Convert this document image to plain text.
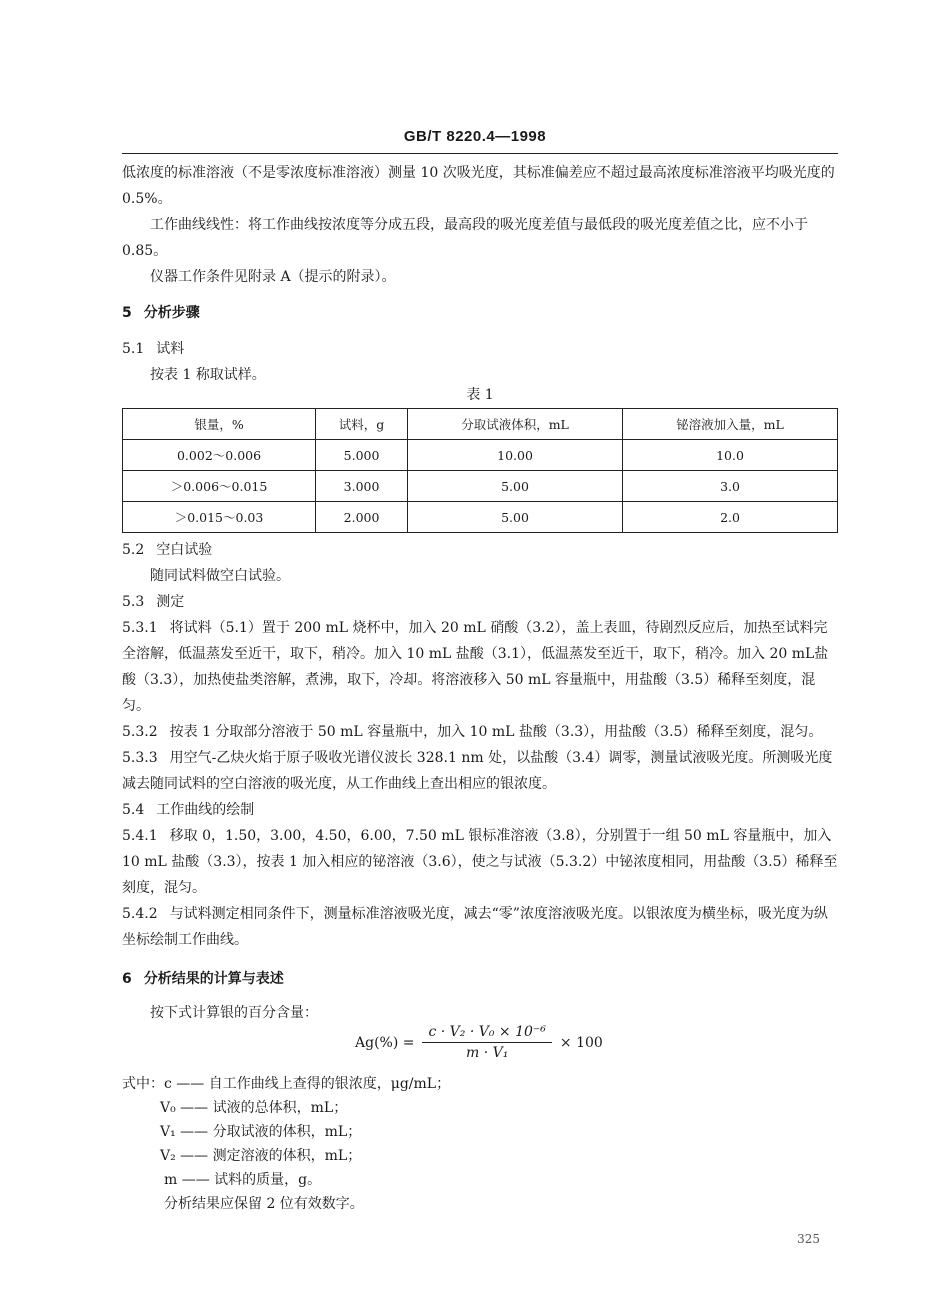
GB/T 8220.4—1998

低浓度的标准溶液（不是零浓度标准溶液）测量 10 次吸光度，其标准偏差应不超过最高浓度标准溶液平均吸光度的 0.5%。

工作曲线线性：将工作曲线按浓度等分成五段，最高段的吸光度差值与最低段的吸光度差值之比，应不小于 0.85。

仪器工作条件见附录 A（提示的附录）。

5 分析步骤
5.1 试料
按表 1 称取试样。
表 1
银量，%	试料，g	分取试液体积，mL	铋溶液加入量，mL
0.002～0.006	5.000	10.00	10.0
＞0.006～0.015	3.000	5.00	3.0
＞0.015～0.03	2.000	5.00	2.0
5.2 空白试验
随同试料做空白试验。
5.3 测定

5.3.1 将试料（5.1）置于 200 mL 烧杯中，加入 20 mL 硝酸（3.2），盖上表皿，待剧烈反应后，加热至试料完全溶解，低温蒸发至近干，取下，稍冷。加入 10 mL 盐酸（3.1），低温蒸发至近干，取下，稍冷。加入 20 mL盐酸（3.3），加热使盐类溶解，煮沸，取下，冷却。将溶液移入 50 mL 容量瓶中，用盐酸（3.5）稀释至刻度，混匀。

5.3.2 按表 1 分取部分溶液于 50 mL 容量瓶中，加入 10 mL 盐酸（3.3），用盐酸（3.5）稀释至刻度，混匀。

5.3.3 用空气-乙炔火焰于原子吸收光谱仪波长 328.1 nm 处，以盐酸（3.4）调零，测量试液吸光度。所测吸光度减去随同试料的空白溶液的吸光度，从工作曲线上查出相应的银浓度。

5.4 工作曲线的绘制

5.4.1 移取 0，1.50，3.00，4.50，6.00，7.50 mL 银标准溶液（3.8），分别置于一组 50 mL 容量瓶中，加入 10 mL 盐酸（3.3），按表 1 加入相应的铋溶液（3.6），使之与试液（5.3.2）中铋浓度相同，用盐酸（3.5）稀释至刻度，混匀。

5.4.2 与试料测定相同条件下，测量标准溶液吸光度，减去“零”浓度溶液吸光度。以银浓度为横坐标，吸光度为纵坐标绘制工作曲线。

6 分析结果的计算与表述
按下式计算银的百分含量：
$Ag(\%) = \frac{\text{c · V₂ · V₀ × 10⁻⁶}}{\text{m · V₁}} \times 100$
式中：c —— 自工作曲线上查得的银浓度，μg/mL；
V₀ —— 试液的总体积，mL；
V₁ —— 分取试液的体积，mL；
V₂ —— 测定溶液的体积，mL；
m —— 试料的质量，g。
分析结果应保留 2 位有效数字。
325
